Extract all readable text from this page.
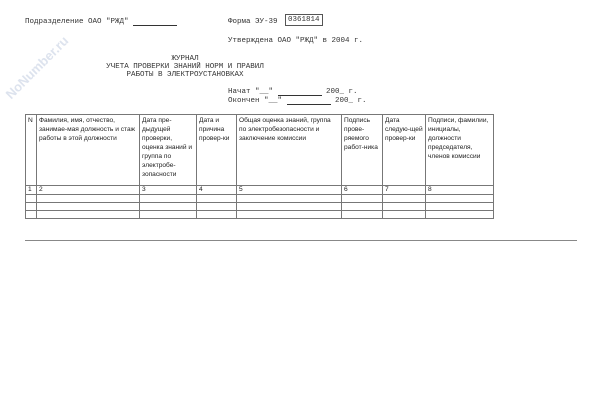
NoNumber.ru
Подразделение ОАО "РЖД"	Форма ЭУ-39	0361814
Утверждена ОАО "РЖД" в 2004 г.
ЖУРНАЛ
УЧЕТА ПРОВЕРКИ ЗНАНИЙ НОРМ И ПРАВИЛ
РАБОТЫ В ЭЛЕКТРОУСТАНОВКАХ
Начат "__"	200_ г.
Окончен "__"	200_ г.
N	Фамилия, имя, отчество, занимае-мая должность и стаж работы в этой должности	Дата пре-дыдущей проверки, оценка знаний и группа по электробе-зопасности	Дата и причина провер-ки	Общая оценка знаний, группа по электробезопасности и заключение комиссии	Подпись прове-ряемого работ-ника	Дата следую-щей провер-ки	Подписи, фамилии, инициалы, должности председателя, членов комиссии
1	2	3	4	5	6	7	8
